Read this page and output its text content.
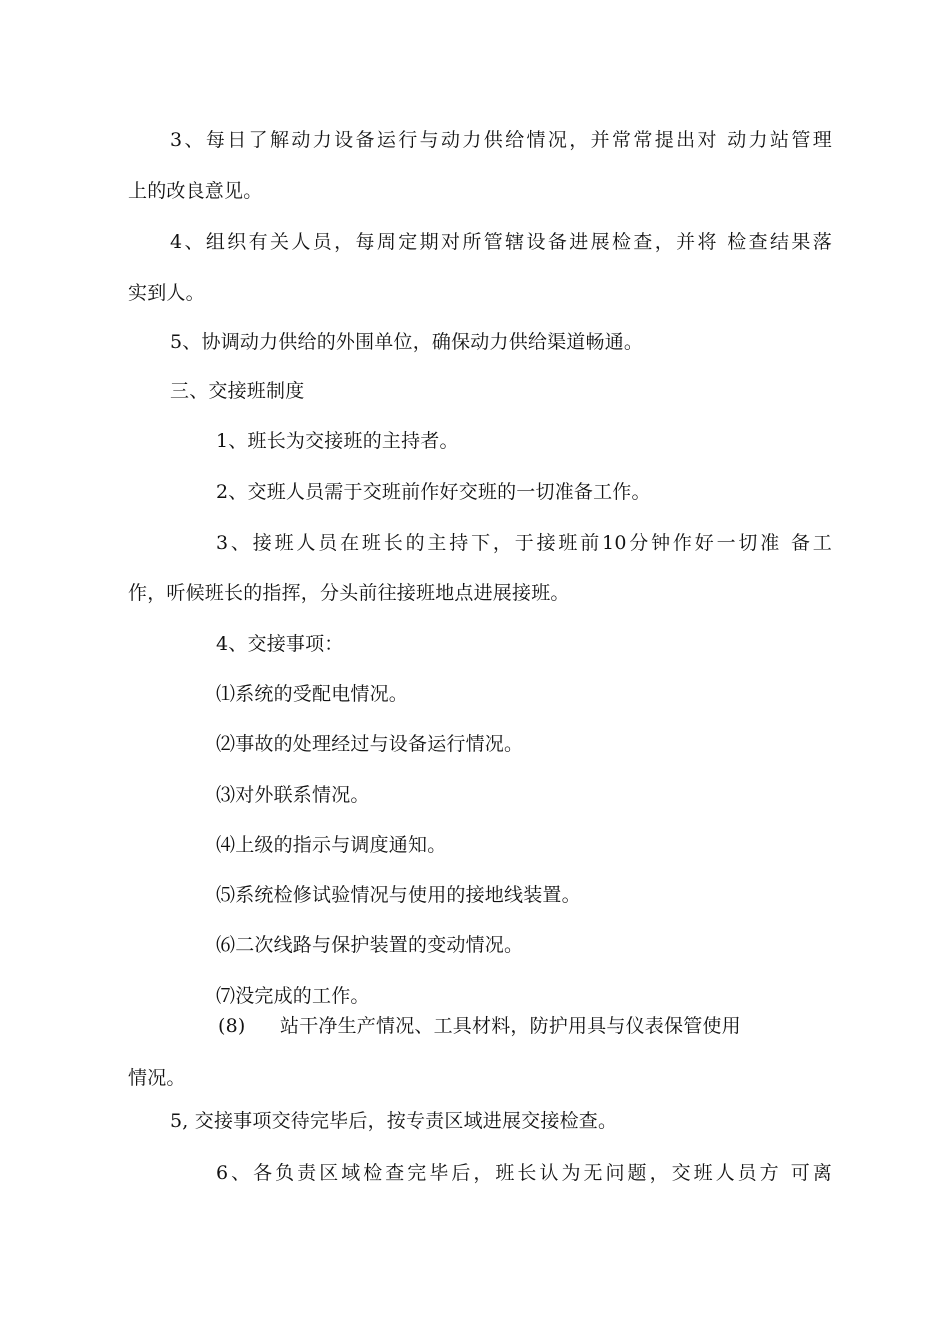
3、每日了解动力设备运行与动力供给情况，并常常提出对 动力站管理
上的改良意见。
4、组织有关人员，每周定期对所管辖设备进展检查，并将 检查结果落
实到人。
5、协调动力供给的外围单位，确保动力供给渠道畅通。
三、交接班制度
1、班长为交接班的主持者。
2、交班人员需于交班前作好交班的一切准备工作。
3、接班人员在班长的主持下，于接班前10分钟作好一切准 备工
作，听候班长的指挥，分头前往接班地点进展接班。
4、交接事项：
⑴系统的受配电情况。
⑵事故的处理经过与设备运行情况。
⑶对外联系情况。
⑷上级的指示与调度通知。
⑸系统检修试验情况与使用的接地线装置。
⑹二次线路与保护装置的变动情况。
⑺没完成的工作。
(8) 站干净生产情况、工具材料，防护用具与仪表保管使用
情况。
5, 交接事项交待完毕后，按专责区域进展交接检查。
6、各负责区域检查完毕后，班长认为无问题，交班人员方 可离
